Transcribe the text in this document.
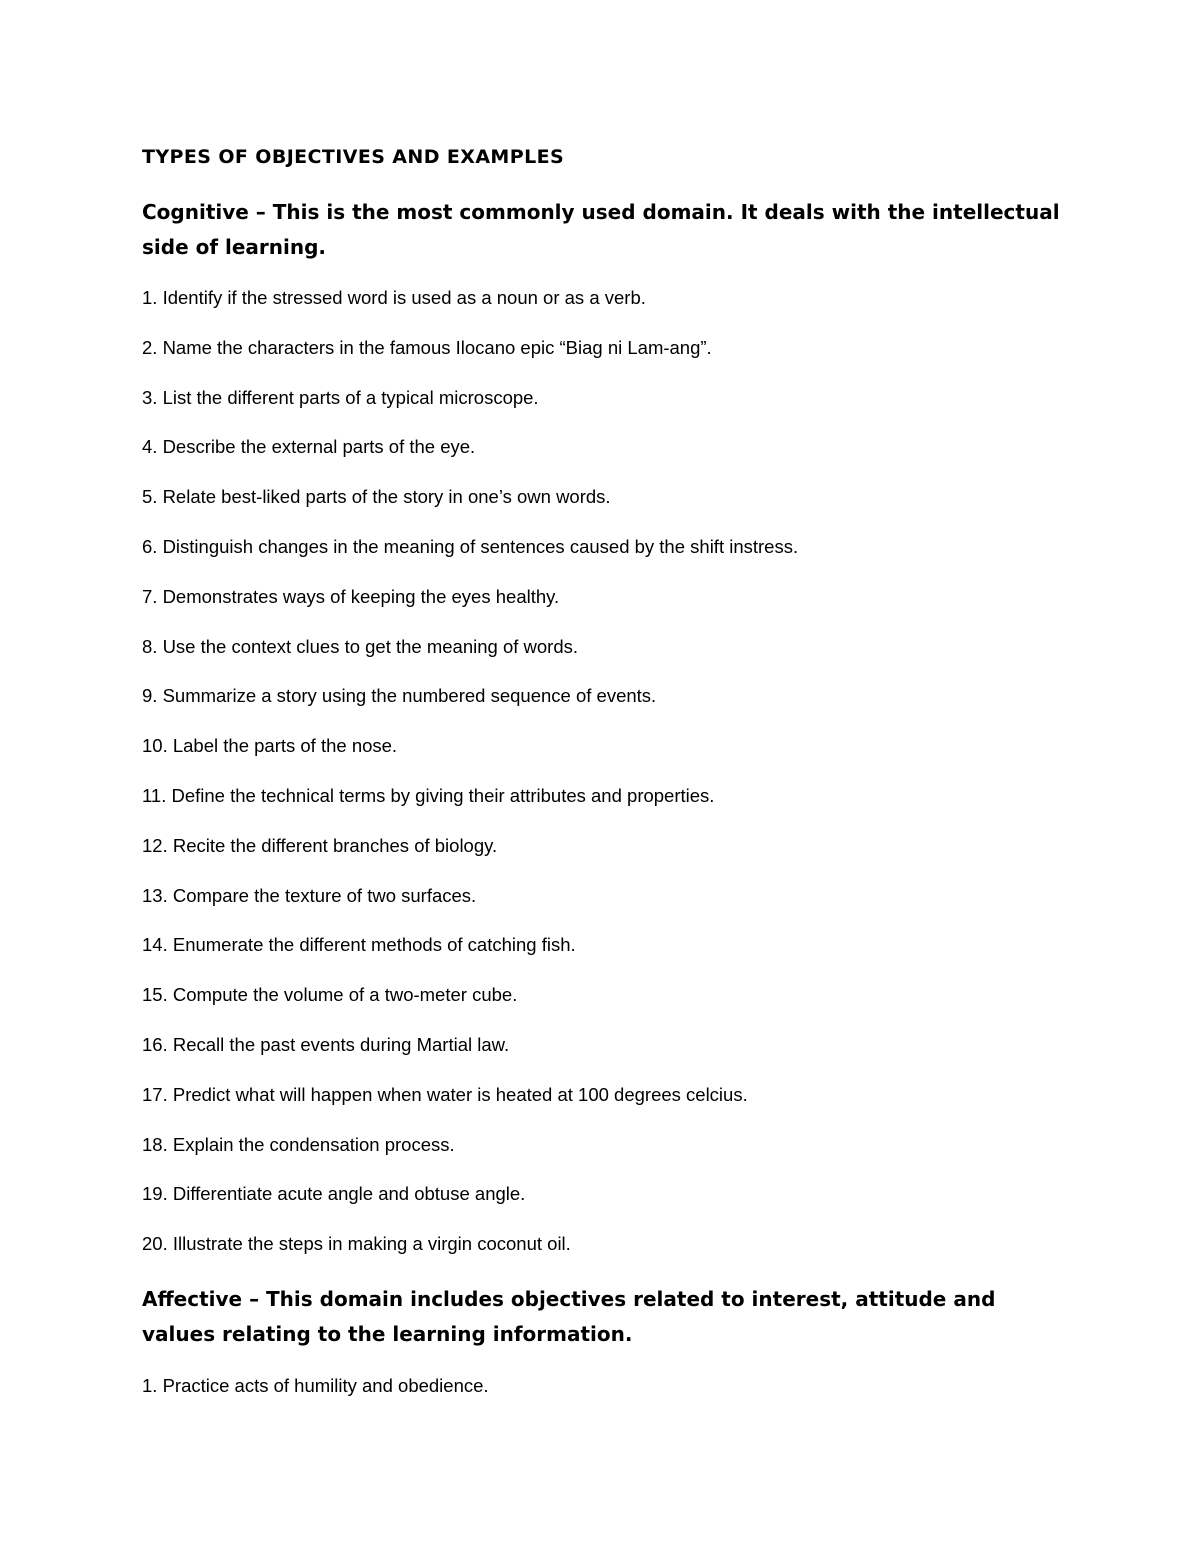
TYPES OF OBJECTIVES AND EXAMPLES
Cognitive – This is the most commonly used domain. It deals with the intellectual side of learning.
1. Identify if the stressed word is used as a noun or as a verb.
2. Name the characters in the famous Ilocano epic “Biag ni Lam-ang”.
3. List the different parts of a typical microscope.
4. Describe the external parts of the eye.
5. Relate best-liked parts of the story in one’s own words.
6. Distinguish changes in the meaning of sentences caused by the shift instress.
7. Demonstrates ways of keeping the eyes healthy.
8. Use the context clues to get the meaning of words.
9. Summarize a story using the numbered sequence of events.
10. Label the parts of the nose.
11. Define the technical terms by giving their attributes and properties.
12. Recite the different branches of biology.
13. Compare the texture of two surfaces.
14. Enumerate the different methods of catching fish.
15. Compute the volume of a two-meter cube.
16. Recall the past events during Martial law.
17. Predict what will happen when water is heated at 100 degrees celcius.
18. Explain the condensation process.
19. Differentiate acute angle and obtuse angle.
20. Illustrate the steps in making a virgin coconut oil.
Affective – This domain includes objectives related to interest, attitude and values relating to the learning information.
1. Practice acts of humility and obedience.
